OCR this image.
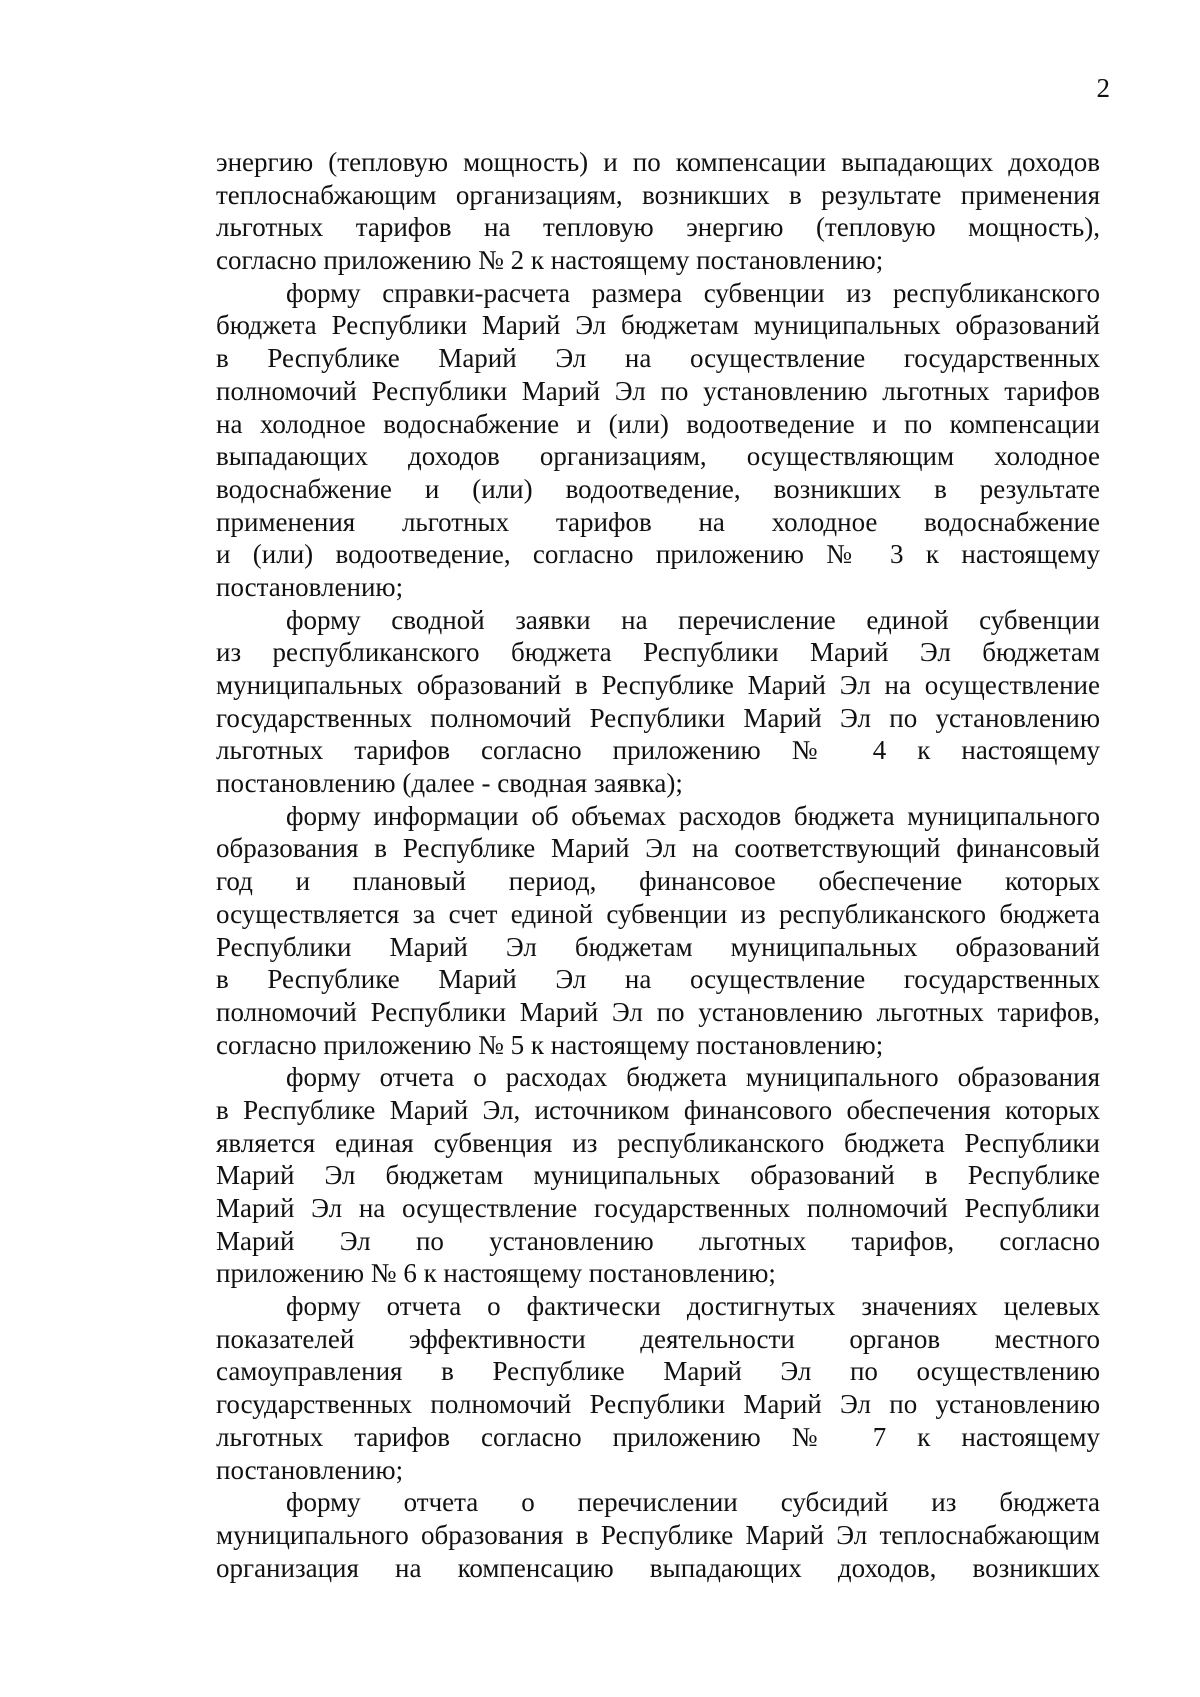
2
энергию (тепловую мощность) и по компенсации выпадающих доходов
теплоснабжающим организациям, возникших в результате применения
льготных тарифов на тепловую энергию (тепловую мощность),
согласно приложению № 2 к настоящему постановлению;
форму справки-расчета размера субвенции из республиканского
бюджета Республики Марий Эл бюджетам муниципальных образований
в Республике Марий Эл на осуществление государственных
полномочий Республики Марий Эл по установлению льготных тарифов
на холодное водоснабжение и (или) водоотведение и по компенсации
выпадающих доходов организациям, осуществляющим холодное
водоснабжение и (или) водоотведение, возникших в результате
применения льготных тарифов на холодное водоснабжение
и (или) водоотведение, согласно приложению № 3 к настоящему
постановлению;
форму сводной заявки на перечисление единой субвенции
из республиканского бюджета Республики Марий Эл бюджетам
муниципальных образований в Республике Марий Эл на осуществление
государственных полномочий Республики Марий Эл по установлению
льготных тарифов согласно приложению № 4 к настоящему
постановлению (далее - сводная заявка);
форму информации об объемах расходов бюджета муниципального
образования в Республике Марий Эл на соответствующий финансовый
год и плановый период, финансовое обеспечение которых
осуществляется за счет единой субвенции из республиканского бюджета
Республики Марий Эл бюджетам муниципальных образований
в Республике Марий Эл на осуществление государственных
полномочий Республики Марий Эл по установлению льготных тарифов,
согласно приложению № 5 к настоящему постановлению;
форму отчета о расходах бюджета муниципального образования
в Республике Марий Эл, источником финансового обеспечения которых
является единая субвенция из республиканского бюджета Республики
Марий Эл бюджетам муниципальных образований в Республике
Марий Эл на осуществление государственных полномочий Республики
Марий Эл по установлению льготных тарифов, согласно
приложению № 6 к настоящему постановлению;
форму отчета о фактически достигнутых значениях целевых
показателей эффективности деятельности органов местного
самоуправления в Республике Марий Эл по осуществлению
государственных полномочий Республики Марий Эл по установлению
льготных тарифов согласно приложению № 7 к настоящему
постановлению;
форму отчета о перечислении субсидий из бюджета
муниципального образования в Республике Марий Эл теплоснабжающим
организация на компенсацию выпадающих доходов, возникших
